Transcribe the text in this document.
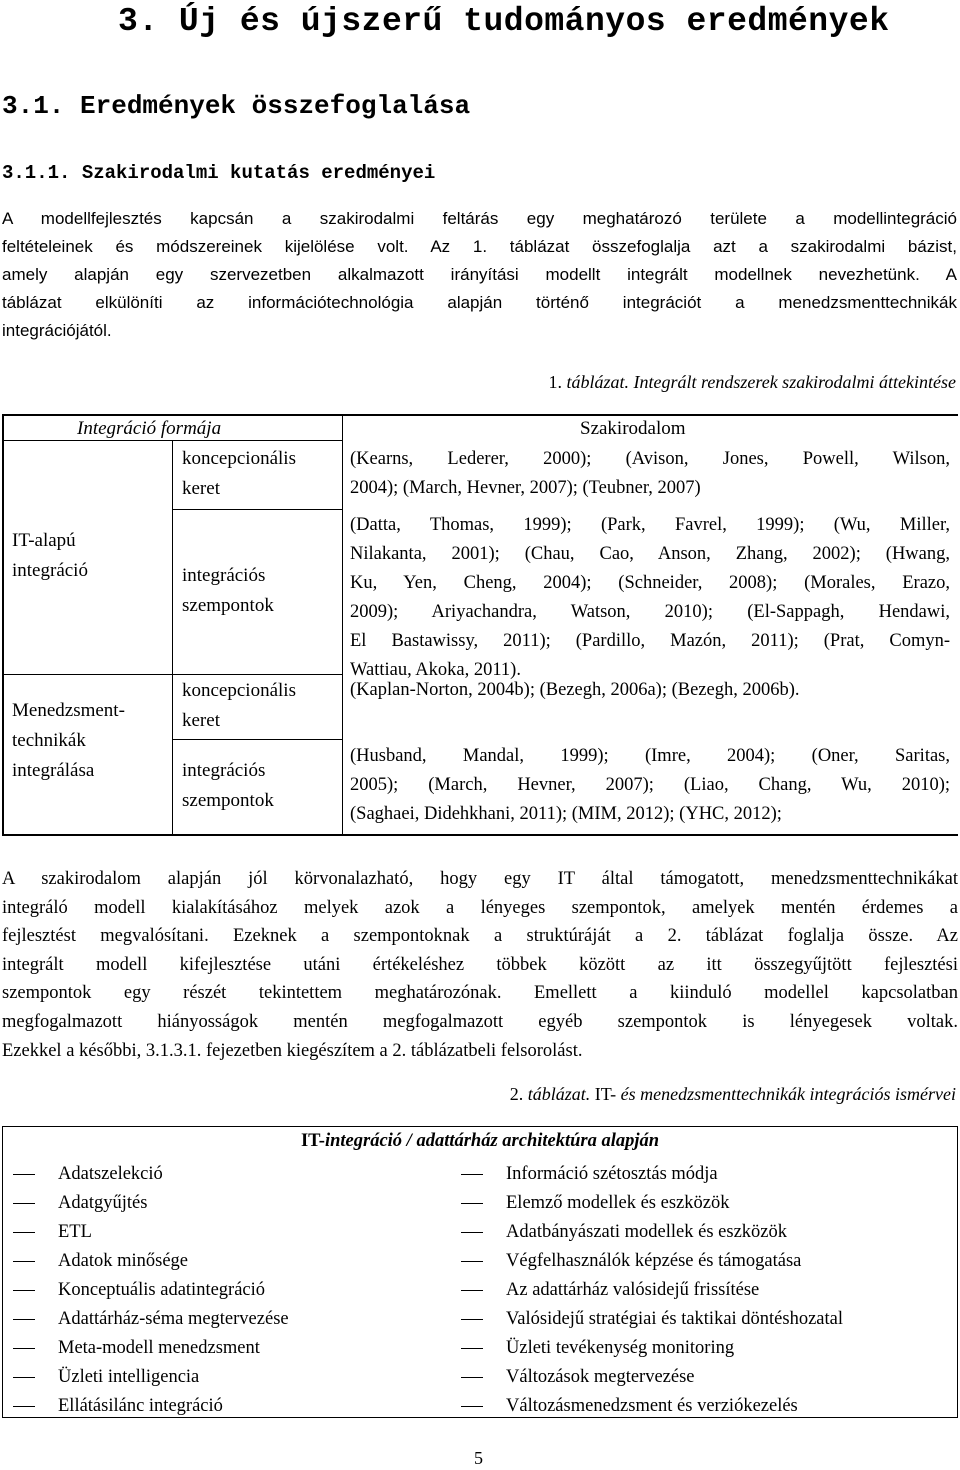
3. Új és újszerű tudományos eredmények
3.1. Eredmények összefoglalása
3.1.1. Szakirodalmi kutatás eredményei

A modellfejlesztés kapcsán a szakirodalmi feltárás egy meghatározó területe a modellintegráció
feltételeinek és módszereinek kijelölése volt. Az 1. táblázat összefoglalja azt a szakirodalmi bázist,
amely alapján egy szervezetben alkalmazott irányítási modellt integrált modellnek nevezhetünk. A
táblázat elkülöníti az információtechnológia alapján történő integrációt a menedzsmenttechnikák
integrációjától.

1. táblázat. Integrált rendszerek szakirodalmi áttekintése
Integráció formája	Szakirodalom
IT-alapú
integráció
Menedzsment-
technikák
integrálása
koncepcionális
keret
integrációs
szempontok
koncepcionális
keret
integrációs
szempontok
(Kearns, Lederer, 2000); (Avison, Jones, Powell, Wilson,
2004); (March, Hevner, 2007); (Teubner, 2007)
(Datta, Thomas, 1999); (Park, Favrel, 1999); (Wu, Miller,
Nilakanta, 2001); (Chau, Cao, Anson, Zhang, 2002); (Hwang,
Ku, Yen, Cheng, 2004); (Schneider, 2008); (Morales, Erazo,
2009); Ariyachandra, Watson, 2010); (El-Sappagh, Hendawi,
El Bastawissy, 2011); (Pardillo, Mazón, 2011); (Prat, Comyn-
Wattiau, Akoka, 2011).
(Kaplan-Norton, 2004b); (Bezegh, 2006a); (Bezegh, 2006b).
(Husband, Mandal, 1999); (Imre, 2004); (Oner, Saritas,
2005); (March, Hevner, 2007); (Liao, Chang, Wu, 2010);
(Saghaei, Didehkhani, 2011); (MIM, 2012); (YHC, 2012);

A szakirodalom alapján jól körvonalazható, hogy egy IT által támogatott, menedzsmenttechnikákat
integráló modell kialakításához melyek azok a lényeges szempontok, amelyek mentén érdemes a
fejlesztést megvalósítani. Ezeknek a szempontoknak a struktúráját a 2. táblázat foglalja össze. Az
integrált modell kifejlesztése utáni értékeléshez többek között az itt összegyűjtött fejlesztési
szempontok egy részét tekintettem meghatározónak. Emellett a kiinduló modellel kapcsolatban
megfogalmazott hiányosságok mentén megfogalmazott egyéb szempontok is lényegesek voltak.
Ezekkel a későbbi, 3.1.3.1. fejezetben kiegészítem a 2. táblázatbeli felsorolást.

2. táblázat. IT- és menedzsmenttechnikák integrációs ismérvei
IT-integráció / adattárház architektúra alapján
Adatszelekció
Adatgyűjtés
ETL
Adatok minősége
Konceptuális adatintegráció
Adattárház-séma megtervezése
Meta-modell menedzsment
Üzleti intelligencia
Ellátásilánc integráció
Információ szétosztás módja
Elemző modellek és eszközök
Adatbányászati modellek és eszközök
Végfelhasználók képzése és támogatása
Az adattárház valósidejű frissítése
Valósidejű stratégiai és taktikai döntéshozatal
Üzleti tevékenység monitoring
Változások megtervezése
Változásmenedzsment és verziókezelés
5
